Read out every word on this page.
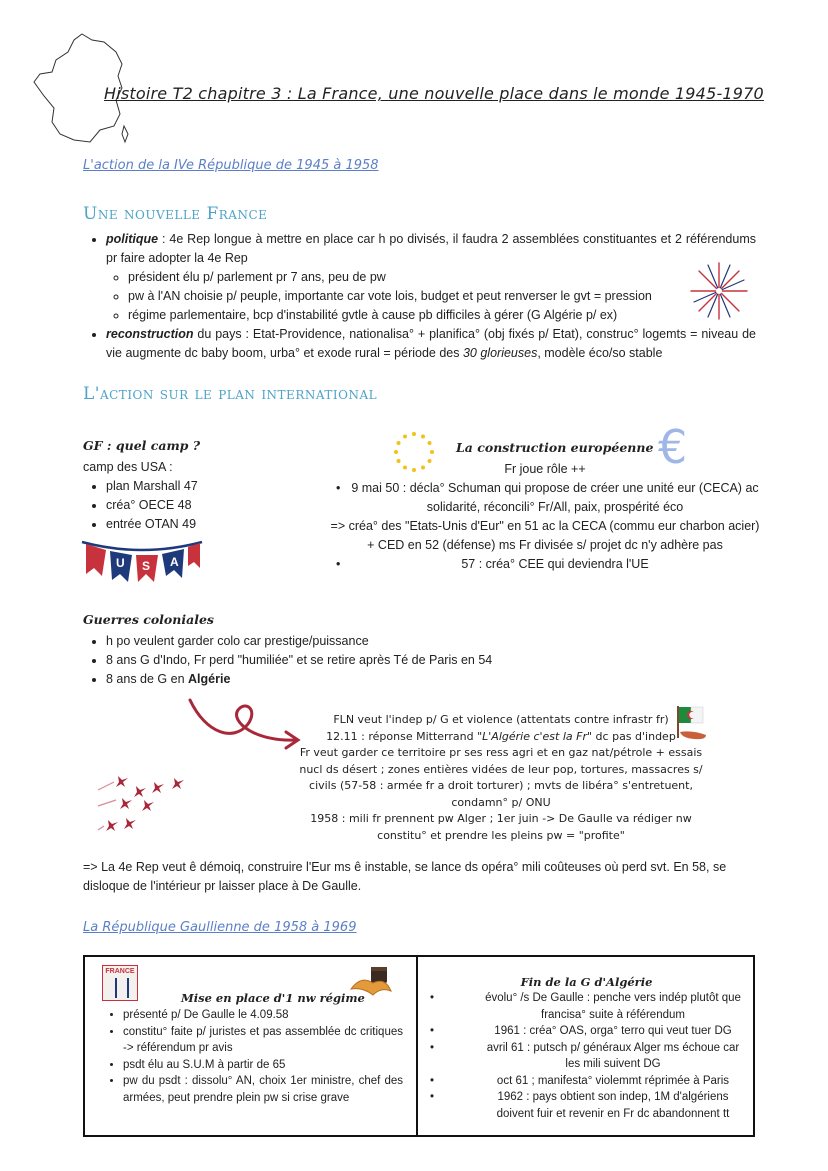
Histoire T2 chapitre 3 : La France, une nouvelle place dans le monde 1945-1970
L'action de la IVe République de 1945 à 1958
Une nouvelle France
• politique : 4e Rep longue à mettre en place car h po divisés, il faudra 2 assemblées constituantes et 2 référendums pr faire adopter la 4e Rep
◦ président élu p/ parlement pr 7 ans, peu de pw
◦ pw à l'AN choisie p/ peuple, importante car vote lois, budget et peut renverser le gvt = pression
◦ régime parlementaire, bcp d'instabilité gvtle à cause pb difficiles à gérer (G Algérie p/ ex)
• reconstruction du pays : Etat-Providence, nationalisa° + planifica° (obj fixés p/ Etat), construc° logemts = niveau de vie augmente dc baby boom, urba° et exode rural = période des 30 glorieuses, modèle éco/so stable
L'action sur le plan international
GF : quel camp ?
camp des USA :
• plan Marshall 47
• créa° OECE 48
• entrée OTAN 49
U S A
La construction européenne €
Fr joue rôle ++
• 9 mai 50 : décla° Schuman qui propose de créer une unité eur (CECA) ac solidarité, réconcili° Fr/All, paix, prospérité éco
=> créa° des "Etats-Unis d'Eur" en 51 ac la CECA (commu eur charbon acier) + CED en 52 (défense) ms Fr divisée s/ projet dc n'y adhère pas
•	57 : créa° CEE qui deviendra l'UE
Guerres coloniales
• h po veulent garder colo car prestige/puissance
• 8 ans G d'Indo, Fr perd "humiliée" et se retire après Té de Paris en 54
• 8 ans de G en Algérie
FLN veut l'indep p/ G et violence (attentats contre infrastr fr)
12.11 : réponse Mitterrand "L'Algérie c'est la Fr" dc pas d'indep
Fr veut garder ce territoire pr ses ress agri et en gaz nat/pétrole + essais nucl ds désert ; zones entières vidées de leur pop, tortures, massacres s/ civils (57-58 : armée fr a droit torturer) ; mvts de libéra° s'entretuent, condamn° p/ ONU
1958 : mili fr prennent pw Alger ; 1er juin -> De Gaulle va rédiger nw constitu° et prendre les pleins pw = "profite"
=> La 4e Rep veut ê démoiq, construire l'Eur ms ê instable, se lance ds opéra° mili coûteuses où perd svt. En 58, se disloque de l'intérieur pr laisser place à De Gaulle.
La République Gaullienne de 1958 à 1969
FRANCE
Mise en place d'1 nw régime
• présenté p/ De Gaulle le 4.09.58
• constitu° faite p/ juristes et pas assemblée dc critiques -> référendum pr avis
• psdt élu au S.U.M à partir de 65
• pw du psdt : dissolu° AN, choix 1er ministre, chef des armées, peut prendre plein pw si crise grave
Fin de la G d'Algérie
•	évolu° /s De Gaulle : penche vers indép plutôt que francisa° suite à référendum
•	1961 : créa° OAS, orga° terro qui veut tuer DG
•	avril 61 : putsch p/ généraux Alger ms échoue car les mili suivent DG
•	oct 61 ; manifesta° violemmt réprimée à Paris
•	1962 : pays obtient son indep, 1M d'algériens doivent fuir et revenir en Fr dc abandonnent tt
